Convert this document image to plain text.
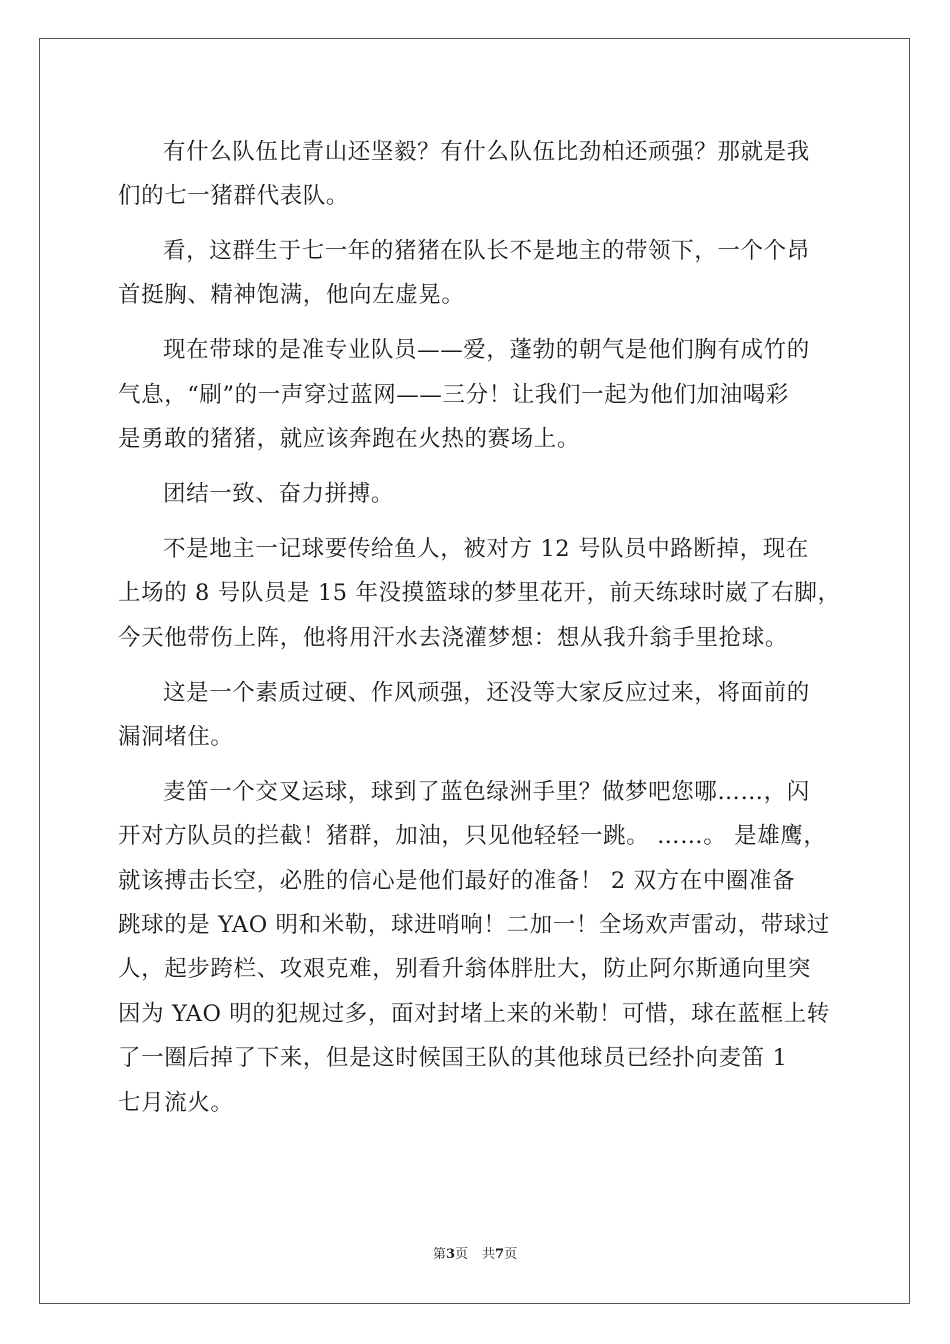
有什么队伍比青山还坚毅？有什么队伍比劲柏还顽强？那就是我
们的七一猪群代表队。
看，这群生于七一年的猪猪在队长不是地主的带领下，一个个昂
首挺胸、精神饱满，他向左虚晃。
现在带球的是准专业队员——爱，蓬勃的朝气是他们胸有成竹的
气息，“刷”的一声穿过蓝网——三分！让我们一起为他们加油喝彩
是勇敢的猪猪，就应该奔跑在火热的赛场上。
团结一致、奋力拼搏。
不是地主一记球要传给鱼人，被对方 12 号队员中路断掉，现在
上场的 8 号队员是 15 年没摸篮球的梦里花开，前天练球时崴了右脚，
今天他带伤上阵，他将用汗水去浇灌梦想：想从我升翁手里抢球。
这是一个素质过硬、作风顽强，还没等大家反应过来，将面前的
漏洞堵住。
麦笛一个交叉运球，球到了蓝色绿洲手里？做梦吧您哪……，闪
开对方队员的拦截！猪群，加油，只见他轻轻一跳。 ……。 是雄鹰，
就该搏击长空，必胜的信心是他们最好的准备！ 2 双方在中圈准备
跳球的是 YAO 明和米勒，球进哨响！二加一！全场欢声雷动，带球过
人，起步跨栏、攻艰克难，别看升翁体胖肚大，防止阿尔斯通向里突
因为 YAO 明的犯规过多，面对封堵上来的米勒！可惜，球在蓝框上转
了一圈后掉了下来，但是这时候国王队的其他球员已经扑向麦笛 1
七月流火。
第3页 共7页
